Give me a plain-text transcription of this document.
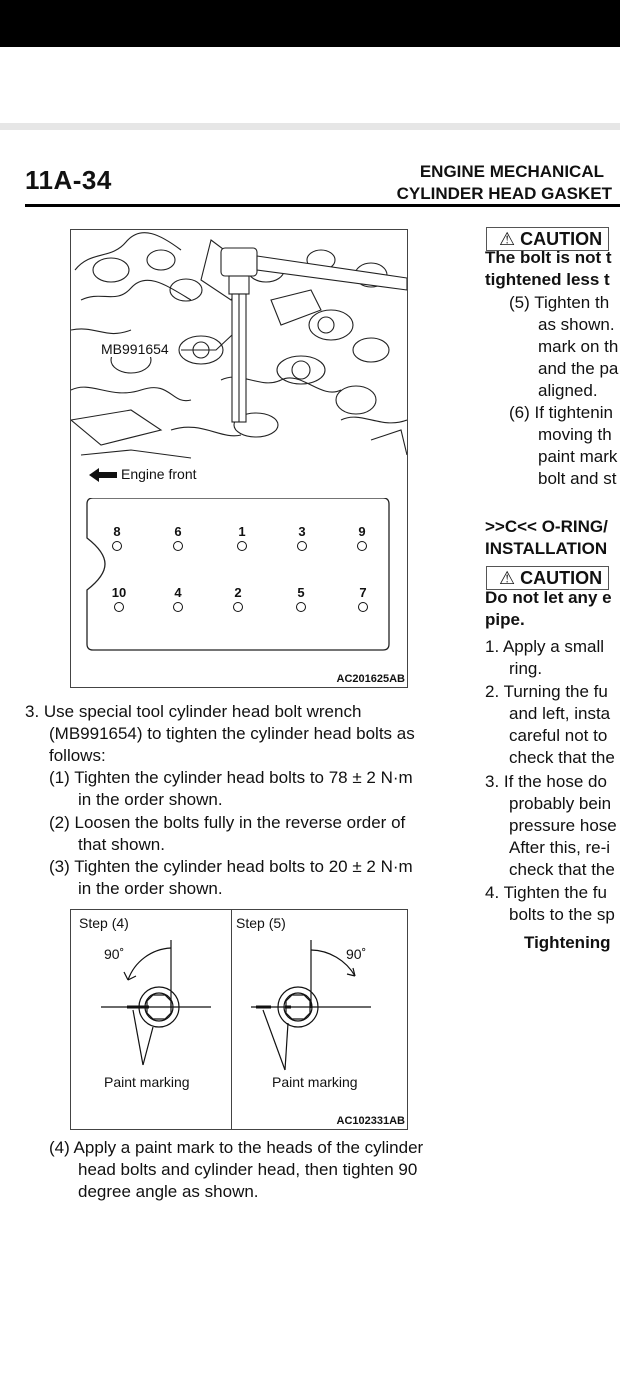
11A-34	ENGINE MECHANICAL
CYLINDER HEAD GASKET
MB991654
Engine front
8	6	1	3	9
10	4	2	5	7
AC201625AB
3. Use special tool cylinder head bolt wrench
(MB991654) to tighten the cylinder head bolts as
follows:
(1) Tighten the cylinder head bolts to 78 ± 2 N·m
in the order shown.
(2) Loosen the bolts fully in the reverse order of
that shown.
(3) Tighten the cylinder head bolts to 20 ± 2 N·m
in the order shown.
Step (4)	Step (5)
90˚	90˚
Paint marking	Paint marking
AC102331AB
(4) Apply a paint mark to the heads of the cylinder
head bolts and cylinder head, then tighten 90
degree angle as shown.
⚠ CAUTION
The bolt is not t
tightened less t
(5) Tighten th
as shown.
mark on th
and the pa
aligned.
(6) If tightenin
moving th
paint mark
bolt and st
>>C<< O-RING/
INSTALLATION
⚠ CAUTION
Do not let any e
pipe.
1. Apply a small
ring.
2. Turning the fu
and left, insta
careful not to
check that the
3. If the hose do
probably bein
pressure hose
After this, re-i
check that the
4. Tighten the fu
bolts to the sp
Tightening
